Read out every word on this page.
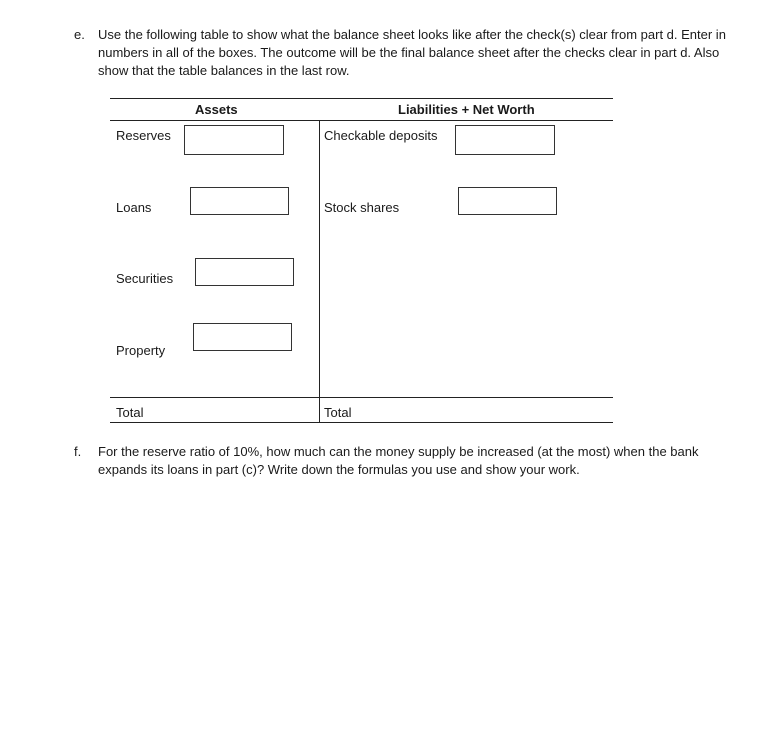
e. Use the following table to show what the balance sheet looks like after the check(s) clear from part d. Enter in numbers in all of the boxes. The outcome will be the final balance sheet after the checks clear in part d. Also show that the table balances in the last row.
Assets	Liabilities + Net Worth
Reserves
Loans
Securities
Property
Total
Checkable deposits
Stock shares
Total
f. For the reserve ratio of 10%, how much can the money supply be increased (at the most) when the bank expands its loans in part (c)? Write down the formulas you use and show your work.
